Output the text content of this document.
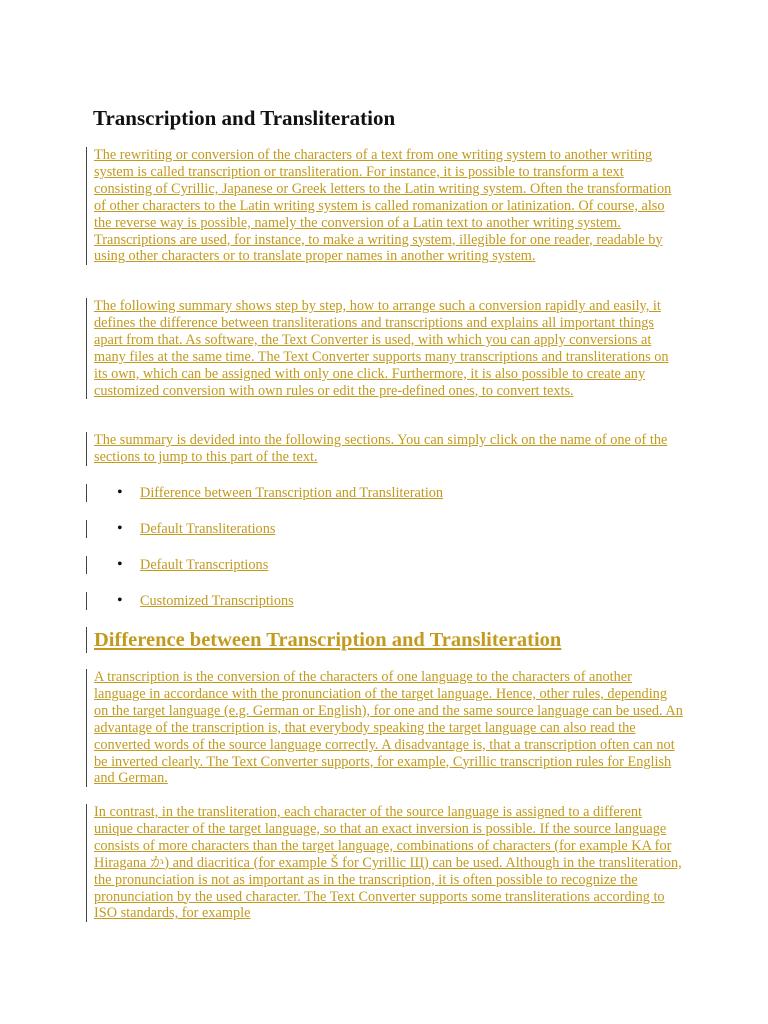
Transcription and Transliteration

The rewriting or conversion of the characters of a text from one writing system to another writing system is called transcription or transliteration. For instance, it is possible to transform a text consisting of Cyrillic, Japanese or Greek letters to the Latin writing system. Often the transformation of other characters to the Latin writing system is called romanization or latinization. Of course, also the reverse way is possible, namely the conversion of a Latin text to another writing system. Transcriptions are used, for instance, to make a writing system, illegible for one reader, readable by using other characters or to translate proper names in another writing system.

The following summary shows step by step, how to arrange such a conversion rapidly and easily, it defines the difference between transliterations and transcriptions and explains all important things apart from that. As software, the Text Converter is used, with which you can apply conversions at many files at the same time. The Text Converter supports many transcriptions and transliterations on its own, which can be assigned with only one click. Furthermore, it is also possible to create any customized conversion with own rules or edit the pre-defined ones, to convert texts.

The summary is devided into the following sections. You can simply click on the name of one of the sections to jump to this part of the text.

• Difference between Transcription and Transliteration
• Default Transliterations
• Default Transcriptions
• Customized Transcriptions
Difference between Transcription and Transliteration

A transcription is the conversion of the characters of one language to the characters of another language in accordance with the pronunciation of the target language. Hence, other rules, depending on the target language (e.g. German or English), for one and the same source language can be used. An advantage of the transcription is, that everybody speaking the target language can also read the converted words of the source language correctly. A disadvantage is, that a transcription often can not be inverted clearly. The Text Converter supports, for example, Cyrillic transcription rules for English and German.

In contrast, in the transliteration, each character of the source language is assigned to a different unique character of the target language, so that an exact inversion is possible. If the source language consists of more characters than the target language, combinations of characters (for example KA for Hiragana か) and diacritica (for example Š for Cyrillic Щ) can be used. Although in the transliteration, the pronunciation is not as important as in the transcription, it is often possible to recognize the pronunciation by the used character. The Text Converter supports some transliterations according to ISO standards, for example
